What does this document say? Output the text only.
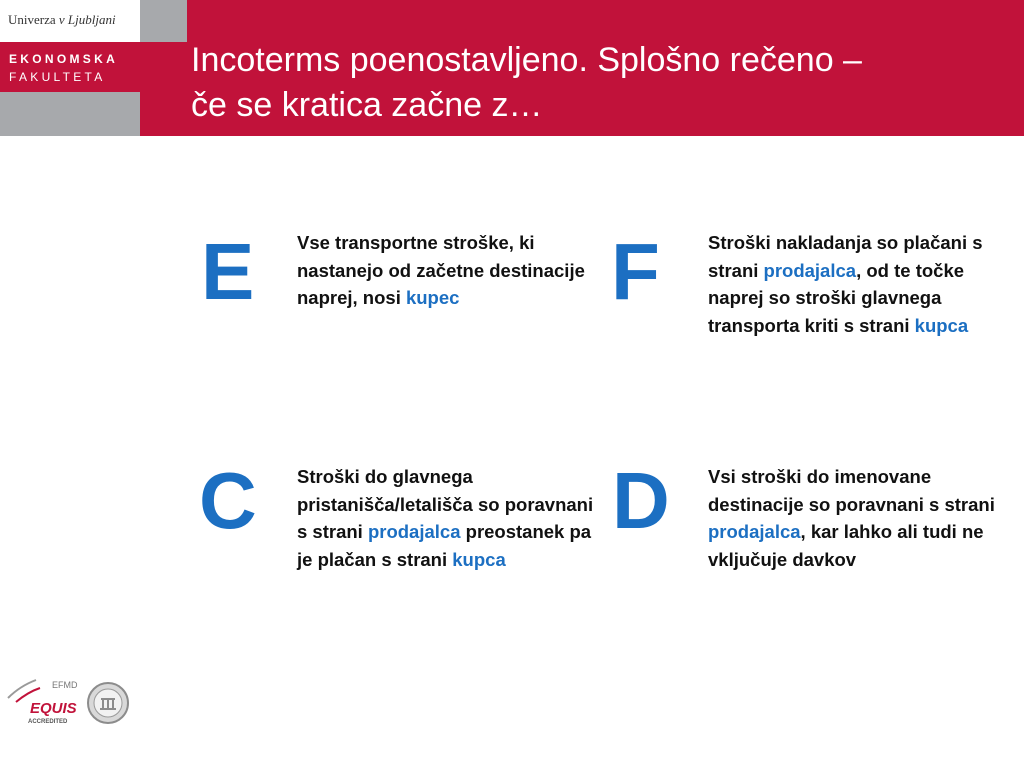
Incoterms poenostavljeno. Splošno rečeno –
če se kratica začne z…
Univerza v Ljubljani
EKONOMSKA
FAKULTETA
E Vse transportne stroške, ki nastanejo od začetne destinacije naprej, nosi kupec	F	Stroški nakladanja so plačani s strani prodajalca, od te točke naprej so stroški glavnega transporta kriti s strani kupca
C Stroški do glavnega pristanišča/letališča so poravnani s strani prodajalca preostanek pa je plačan s strani kupca
D Vsi stroški do imenovane destinacije so poravnani s strani prodajalca, kar lahko ali tudi ne vključuje davkov
EFMD
EQUIS
ACCREDITED
